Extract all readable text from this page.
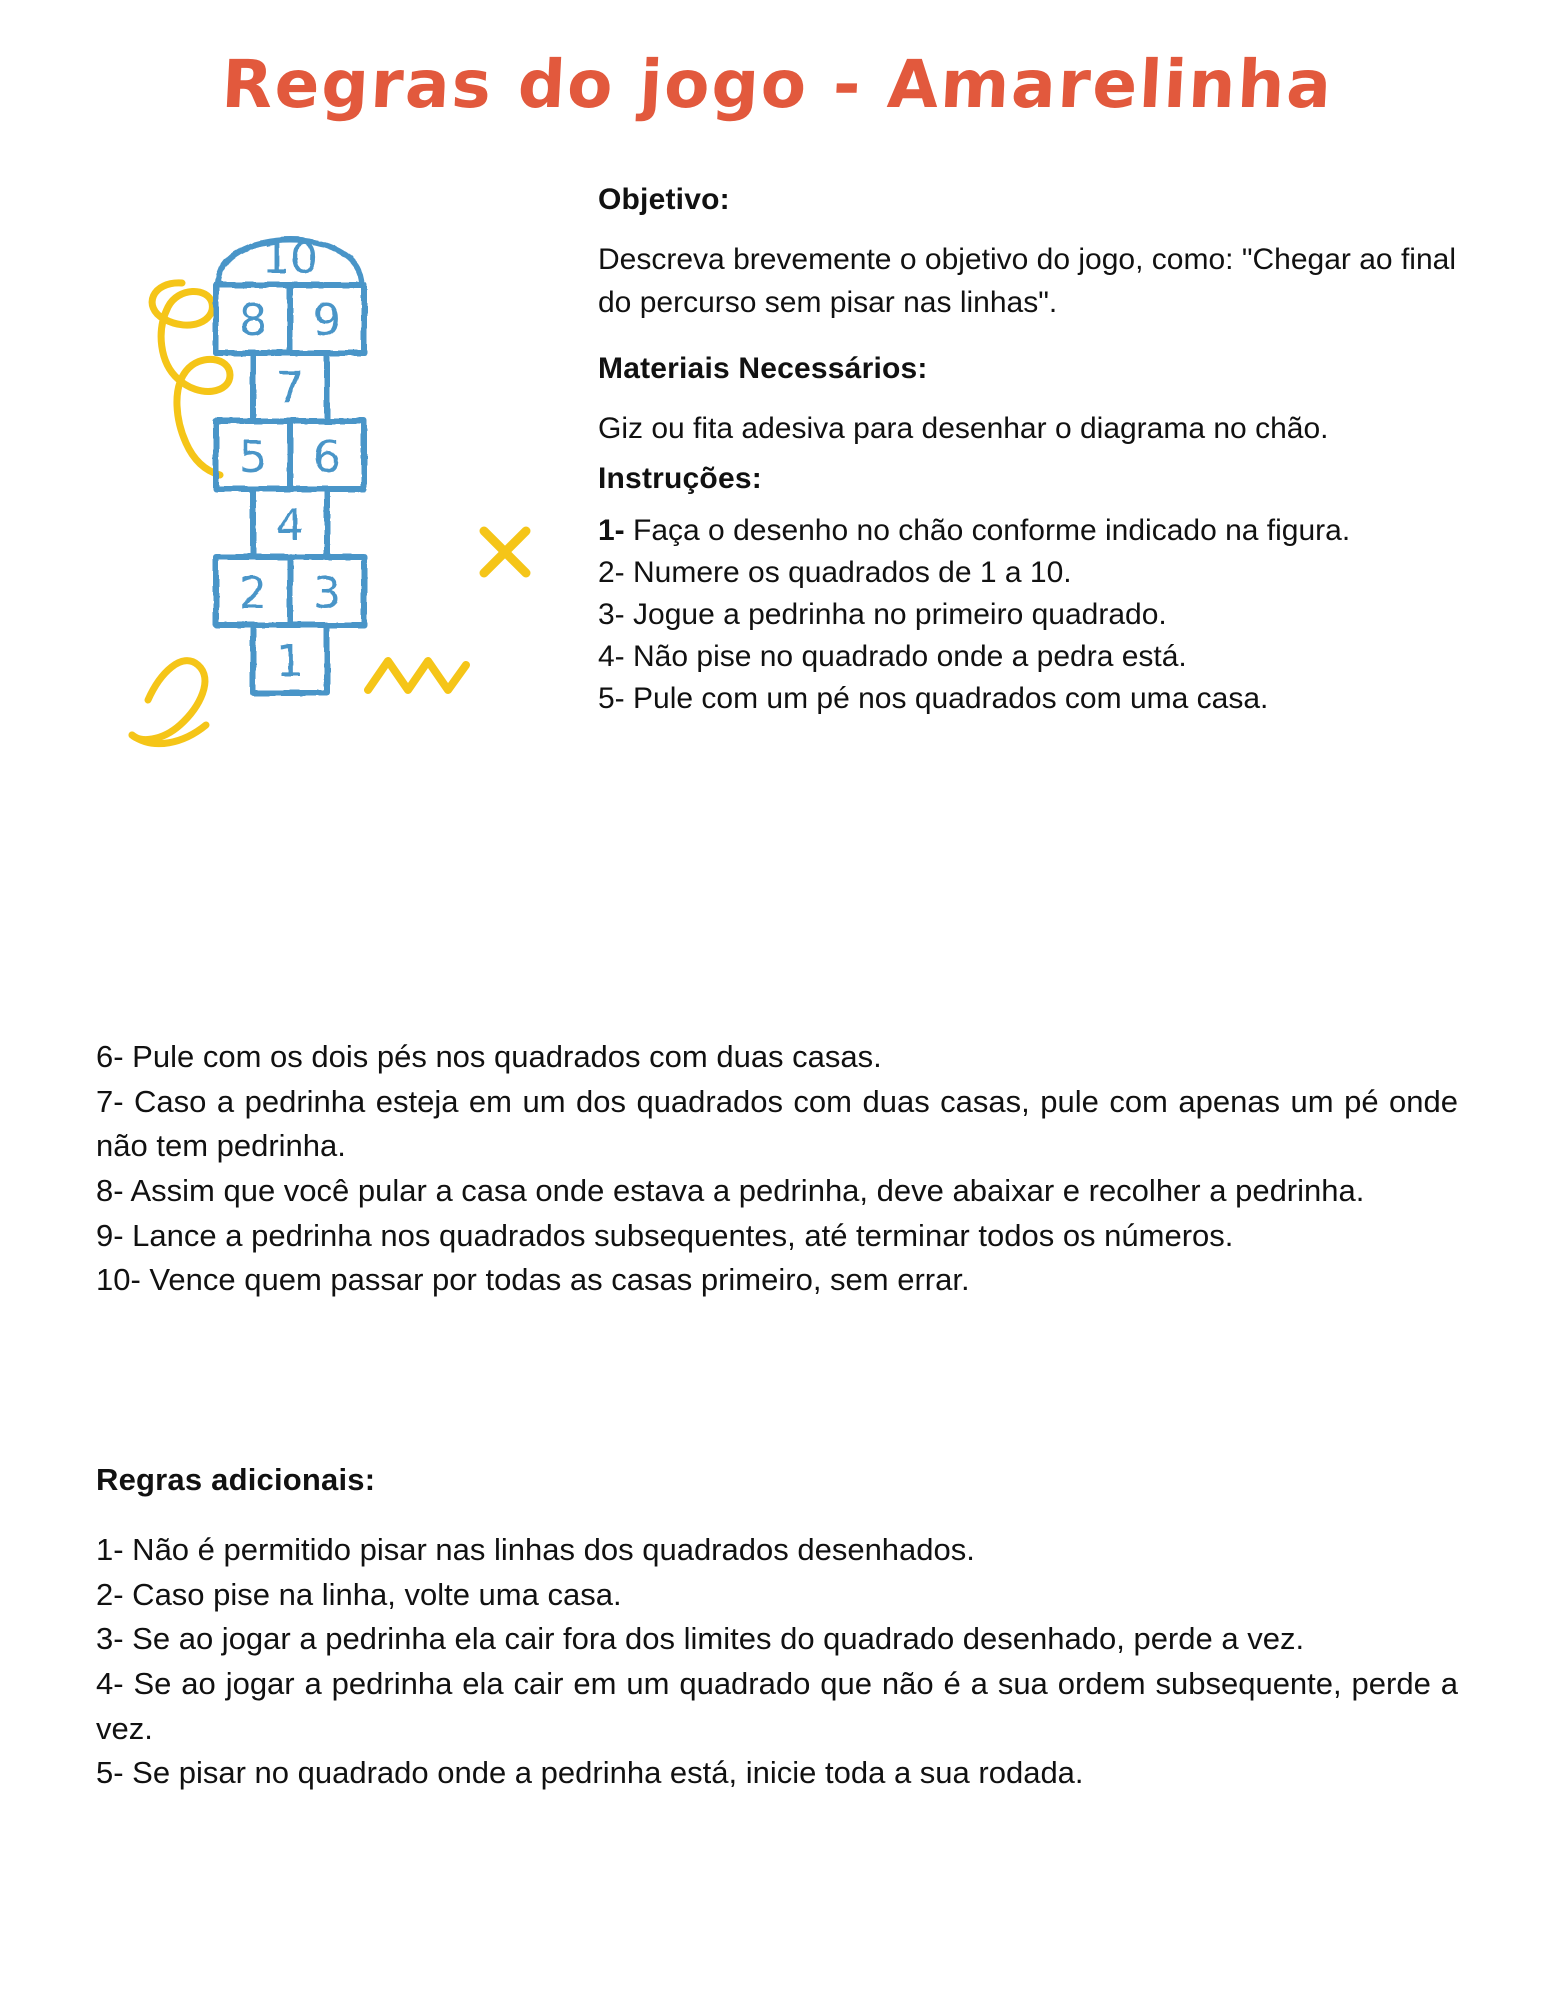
Regras do jogo - Amarelinha
10
8 9
7
5 6
4
2 3
1
Objetivo:

Descreva brevemente o objetivo do jogo, como: "Chegar ao final do percurso sem pisar nas linhas".

Materiais Necessários:

Giz ou fita adesiva para desenhar o diagrama no chão.

Instruções:

1- Faça o desenho no chão conforme indicado na figura.

2- Numere os quadrados de 1 a 10.

3- Jogue a pedrinha no primeiro quadrado.

4- Não pise no quadrado onde a pedra está.

5- Pule com um pé nos quadrados com uma casa.

6- Pule com os dois pés nos quadrados com duas casas.

7- Caso a pedrinha esteja em um dos quadrados com duas casas, pule com apenas um pé onde não tem pedrinha.

8- Assim que você pular a casa onde estava a pedrinha, deve abaixar e recolher a pedrinha.

9- Lance a pedrinha nos quadrados subsequentes, até terminar todos os números.

10- Vence quem passar por todas as casas primeiro, sem errar.

Regras adicionais:

1- Não é permitido pisar nas linhas dos quadrados desenhados.

2- Caso pise na linha, volte uma casa.

3- Se ao jogar a pedrinha ela cair fora dos limites do quadrado desenhado, perde a vez.

4- Se ao jogar a pedrinha ela cair em um quadrado que não é a sua ordem subsequente, perde a vez.

5- Se pisar no quadrado onde a pedrinha está, inicie toda a sua rodada.
